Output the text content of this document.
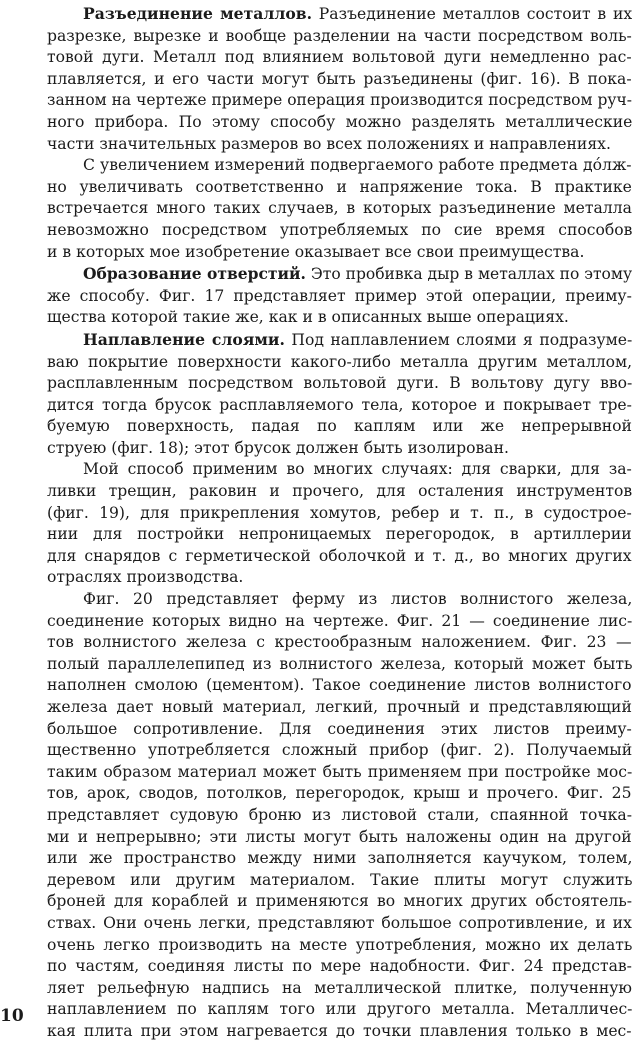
Разъединение металлов. Разъединение металлов состоит в их
разрезке, вырезке и вообще разделении на части посредством воль-
товой дуги. Металл под влиянием вольтовой дуги немедленно рас-
плавляется, и его части могут быть разъединены (фиг. 16). В пока-
занном на чертеже примере операция производится посредством руч-
ного прибора. По этому способу можно разделять металлические
части значительных размеров во всех положениях и направлениях.

С увеличением измерений подвергаемого работе предмета до́лж-
но увеличивать соответственно и напряжение тока. В практике
встречается много таких случаев, в которых разъединение металла
невозможно посредством употребляемых по сие время способов
и в которых мое изобретение оказывает все свои преимущества.

Образование отверстий. Это пробивка дыр в металлах по этому
же способу. Фиг. 17 представляет пример этой операции, преиму-
щества которой такие же, как и в описанных выше операциях.

Наплавление слоями. Под наплавлением слоями я подразуме-
ваю покрытие поверхности какого-либо металла другим металлом,
расплавленным посредством вольтовой дуги. В вольтову дугу вво-
дится тогда брусок расплавляемого тела, которое и покрывает тре-
буемую поверхность, падая по каплям или же непрерывной
струею (фиг. 18); этот брусок должен быть изолирован.

Мой способ применим во многих случаях: для сварки, для за-
ливки трещин, раковин и прочего, для осталения инструментов
(фиг. 19), для прикрепления хомутов, ребер и т. п., в судострое-
нии для постройки непроницаемых перегородок, в артиллерии
для снарядов с герметической оболочкой и т. д., во многих других
отраслях производства.

Фиг. 20 представляет ферму из листов волнистого железа,
соединение которых видно на чертеже. Фиг. 21 — соединение лис-
тов волнистого железа с крестообразным наложением. Фиг. 23 —
полый параллелепипед из волнистого железа, который может быть
наполнен смолою (цементом). Такое соединение листов волнистого
железа дает новый материал, легкий, прочный и представляющий
большое сопротивление. Для соединения этих листов преиму-
щественно употребляется сложный прибор (фиг. 2). Получаемый
таким образом материал может быть применяем при постройке мос-
тов, арок, сводов, потолков, перегородок, крыш и прочего. Фиг. 25
представляет судовую броню из листовой стали, спаянной точка-
ми и непрерывно; эти листы могут быть наложены один на другой
или же пространство между ними заполняется каучуком, толем,
деревом или другим материалом. Такие плиты могут служить
броней для кораблей и применяются во многих других обстоятель-
ствах. Они очень легки, представляют большое сопротивление, и их
очень легко производить на месте употребления, можно их делать
по частям, соединяя листы по мере надобности. Фиг. 24 представ-
ляет рельефную надпись на металлической плитке, полученную
наплавлением по каплям того или другого металла. Металличес-
кая плита при этом нагревается до точки плавления только в мес-

10
